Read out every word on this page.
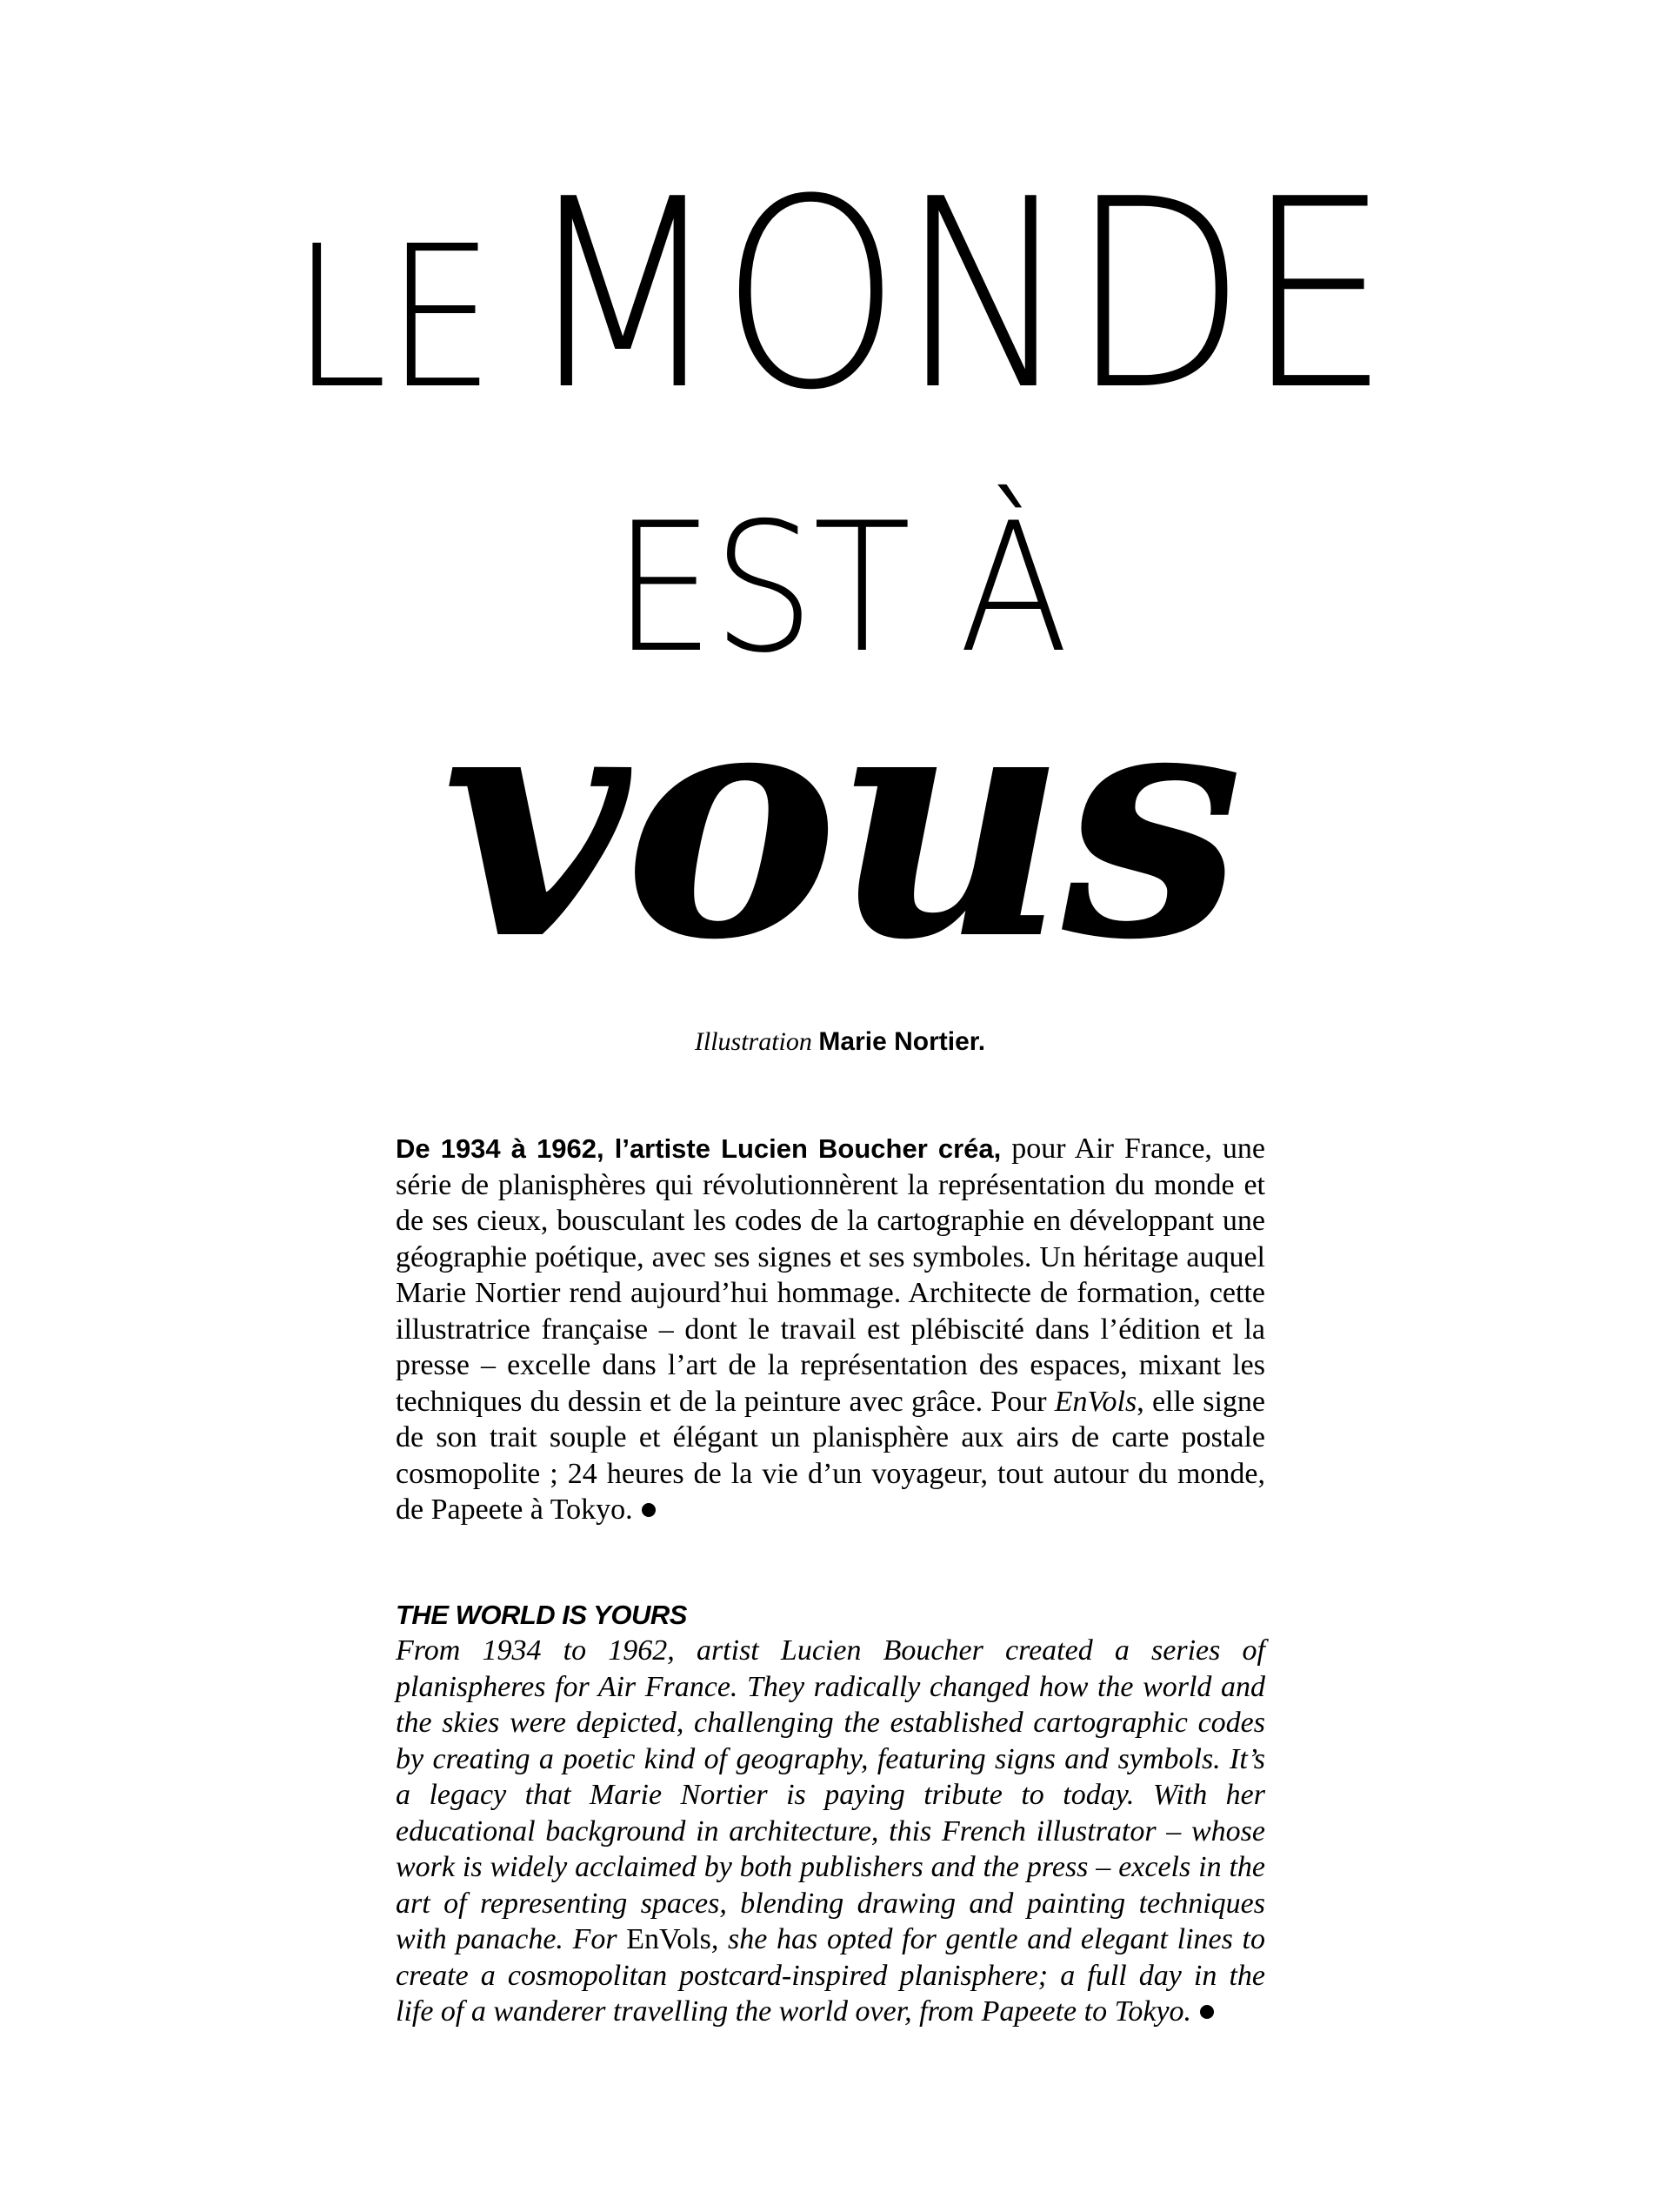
LE MONDE
EST À
vous
Illustration Marie Nortier.
De 1934 à 1962, l’artiste Lucien Boucher créa, pour Air France, une série de planisphères qui révolutionnèrent la représentation du monde et de ses cieux, bousculant les codes de la cartographie en développant une géographie poétique, avec ses signes et ses symboles. Un héritage auquel Marie Nortier rend aujourd’hui hommage. Architecte de formation, cette illustratrice française – dont le travail est plébiscité dans l’édition et la presse – excelle dans l’art de la représentation des espaces, mixant les techniques du dessin et de la peinture avec grâce. Pour EnVols, elle signe de son trait souple et élégant un planisphère aux airs de carte postale cosmopolite ; 24 heures de la vie d’un voyageur, tout autour du monde, de Papeete à Tokyo.
THE WORLD IS YOURS
From 1934 to 1962, artist Lucien Boucher created a series of planispheres for Air France. They radically changed how the world and the skies were depicted, challenging the established cartographic codes by creating a poetic kind of geography, featuring signs and symbols. It’s a legacy that Marie Nortier is paying tribute to today. With her educational background in architecture, this French illustrator – whose work is widely acclaimed by both publishers and the press – excels in the art of representing spaces, blending drawing and painting techniques with panache. For EnVols, she has opted for gentle and elegant lines to create a cosmopolitan postcard-inspired planisphere; a full day in the life of a wanderer travelling the world over, from Papeete to Tokyo.
